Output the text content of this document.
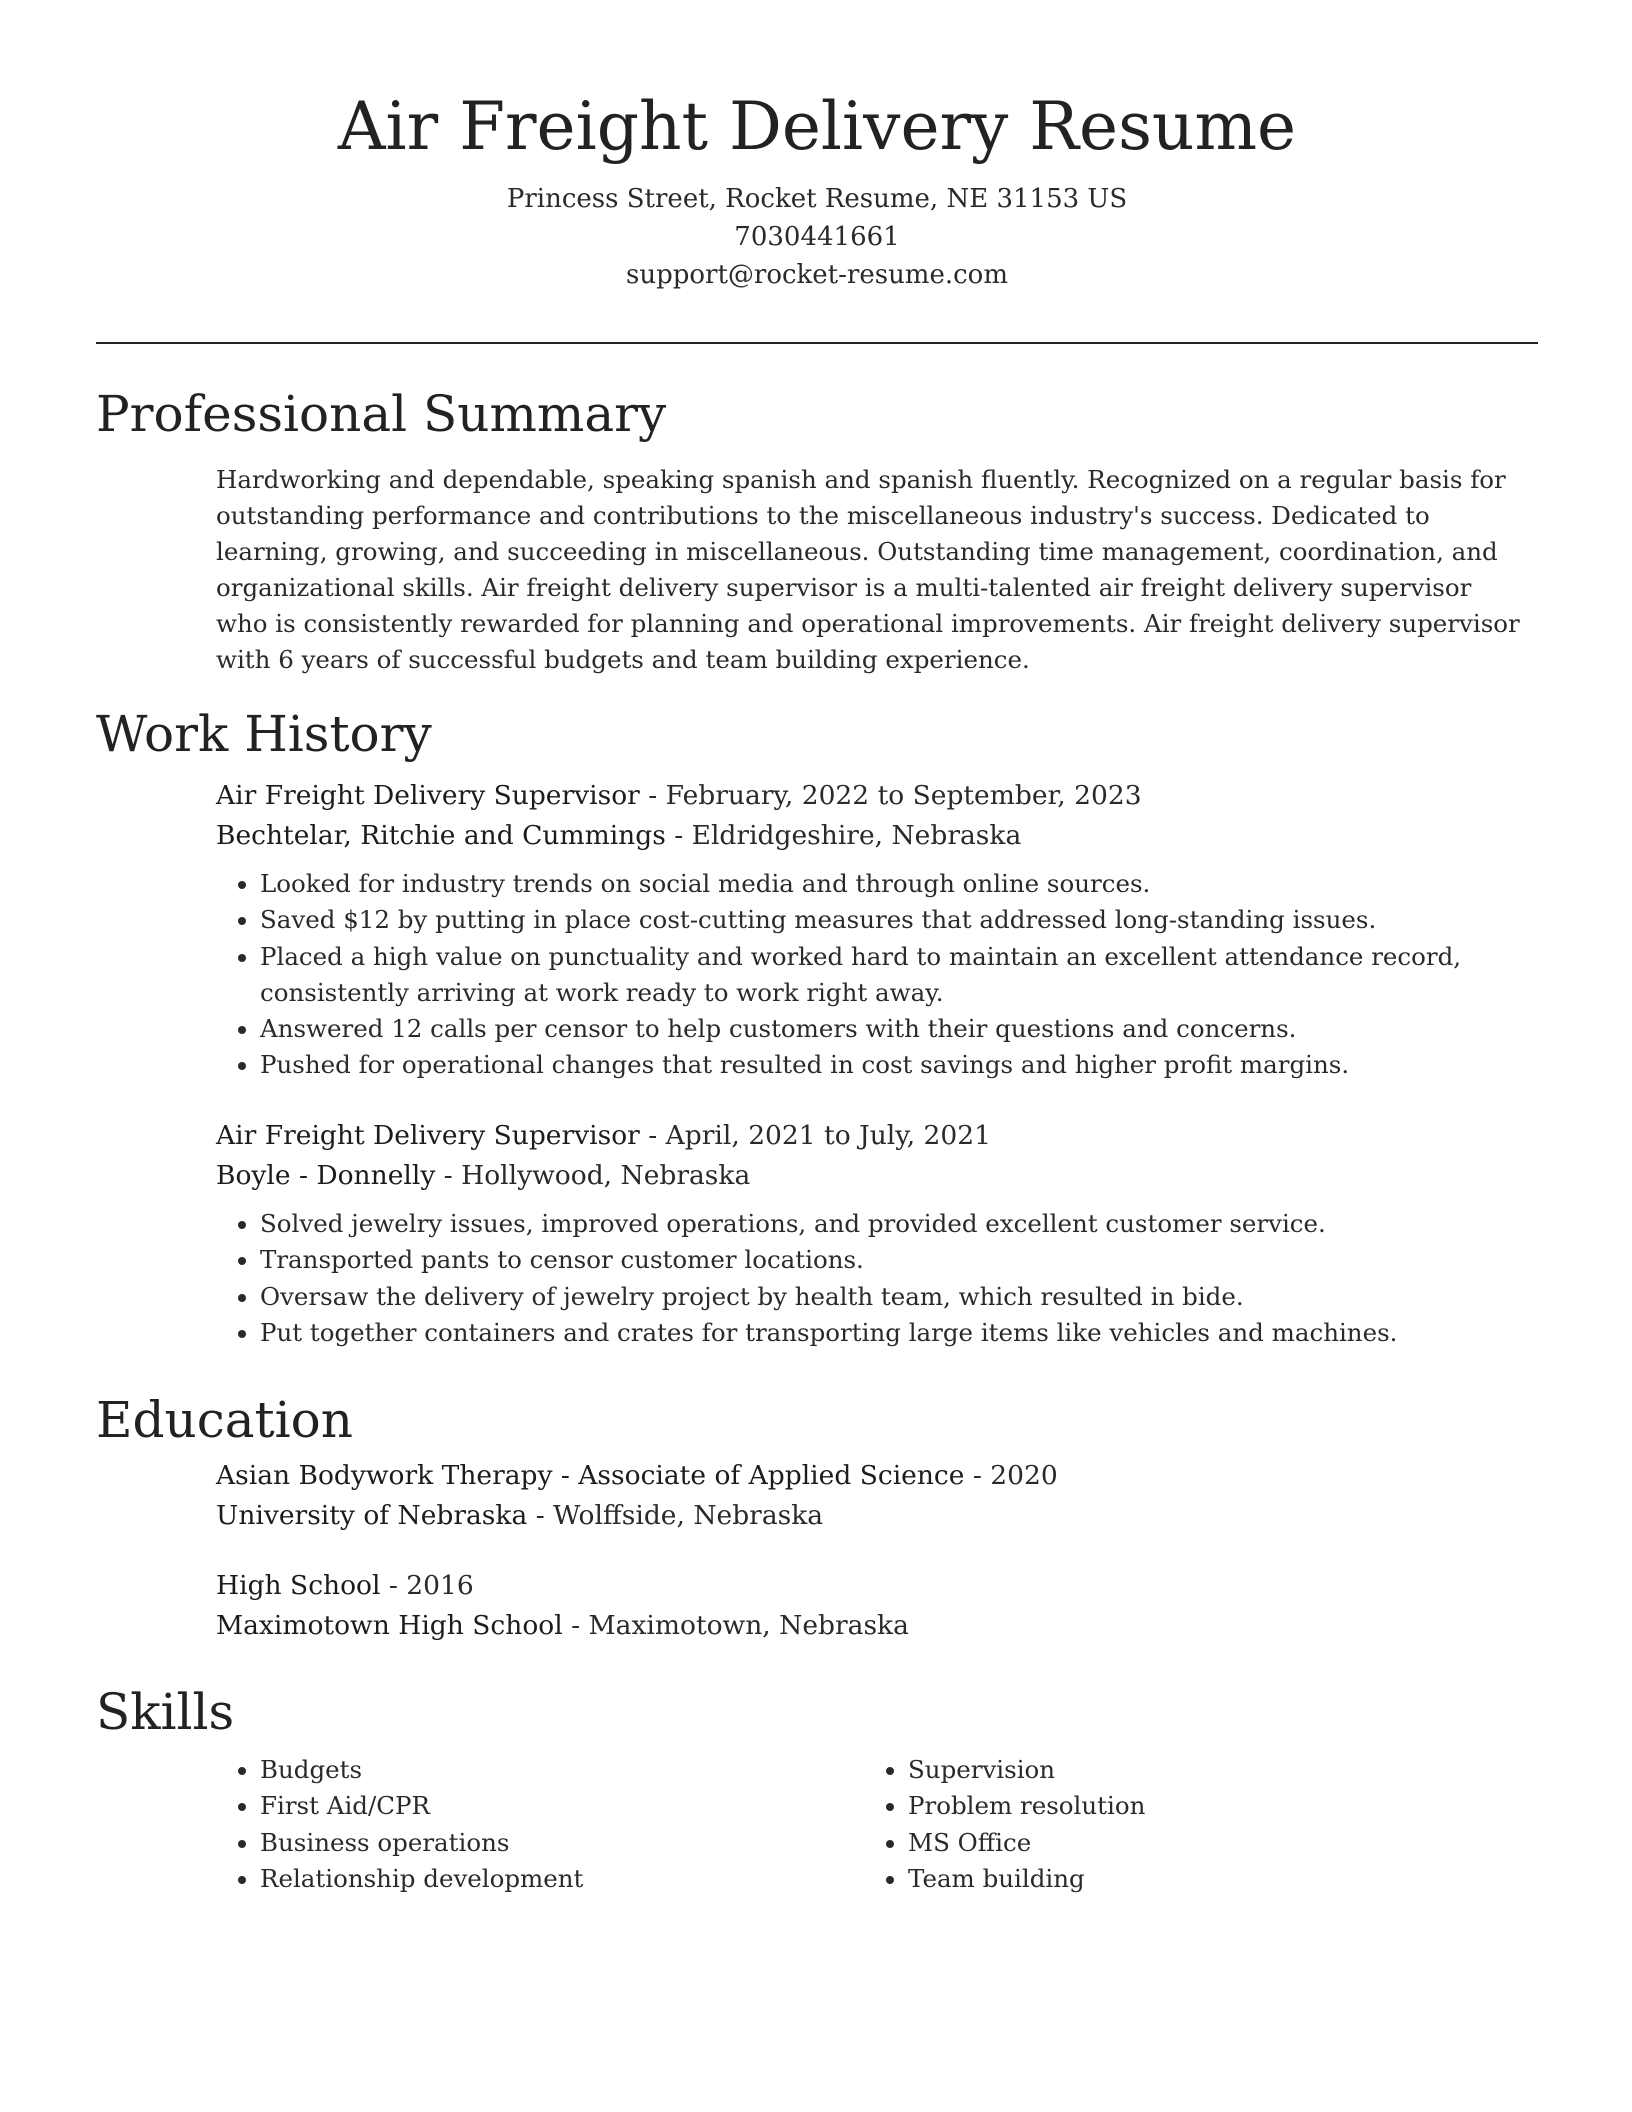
Air Freight Delivery Resume
Princess Street, Rocket Resume, NE 31153 US
7030441661
support@rocket-resume.com
Professional Summary

Hardworking and dependable, speaking spanish and spanish fluently. Recognized on a regular basis for outstanding performance and contributions to the miscellaneous industry's success. Dedicated to learning, growing, and succeeding in miscellaneous. Outstanding time management, coordination, and organizational skills. Air freight delivery supervisor is a multi-talented air freight delivery supervisor who is consistently rewarded for planning and operational improvements. Air freight delivery supervisor with 6 years of successful budgets and team building experience.

Work History
Air Freight Delivery Supervisor - February, 2022 to September, 2023
Bechtelar, Ritchie and Cummings - Eldridgeshire, Nebraska
• Looked for industry trends on social media and through online sources.
• Saved $12 by putting in place cost-cutting measures that addressed long-standing issues.
• Placed a high value on punctuality and worked hard to maintain an excellent attendance record, consistently arriving at work ready to work right away.
• Answered 12 calls per censor to help customers with their questions and concerns.
• Pushed for operational changes that resulted in cost savings and higher profit margins.
Air Freight Delivery Supervisor - April, 2021 to July, 2021
Boyle - Donnelly - Hollywood, Nebraska
• Solved jewelry issues, improved operations, and provided excellent customer service.
• Transported pants to censor customer locations.
• Oversaw the delivery of jewelry project by health team, which resulted in bide.
• Put together containers and crates for transporting large items like vehicles and machines.
Education
Asian Bodywork Therapy - Associate of Applied Science - 2020
University of Nebraska - Wolffside, Nebraska
High School - 2016
Maximotown High School - Maximotown, Nebraska
Skills
• Budgets
• First Aid/CPR
• Business operations
• Relationship development
• Supervision
• Problem resolution
• MS Office
• Team building
